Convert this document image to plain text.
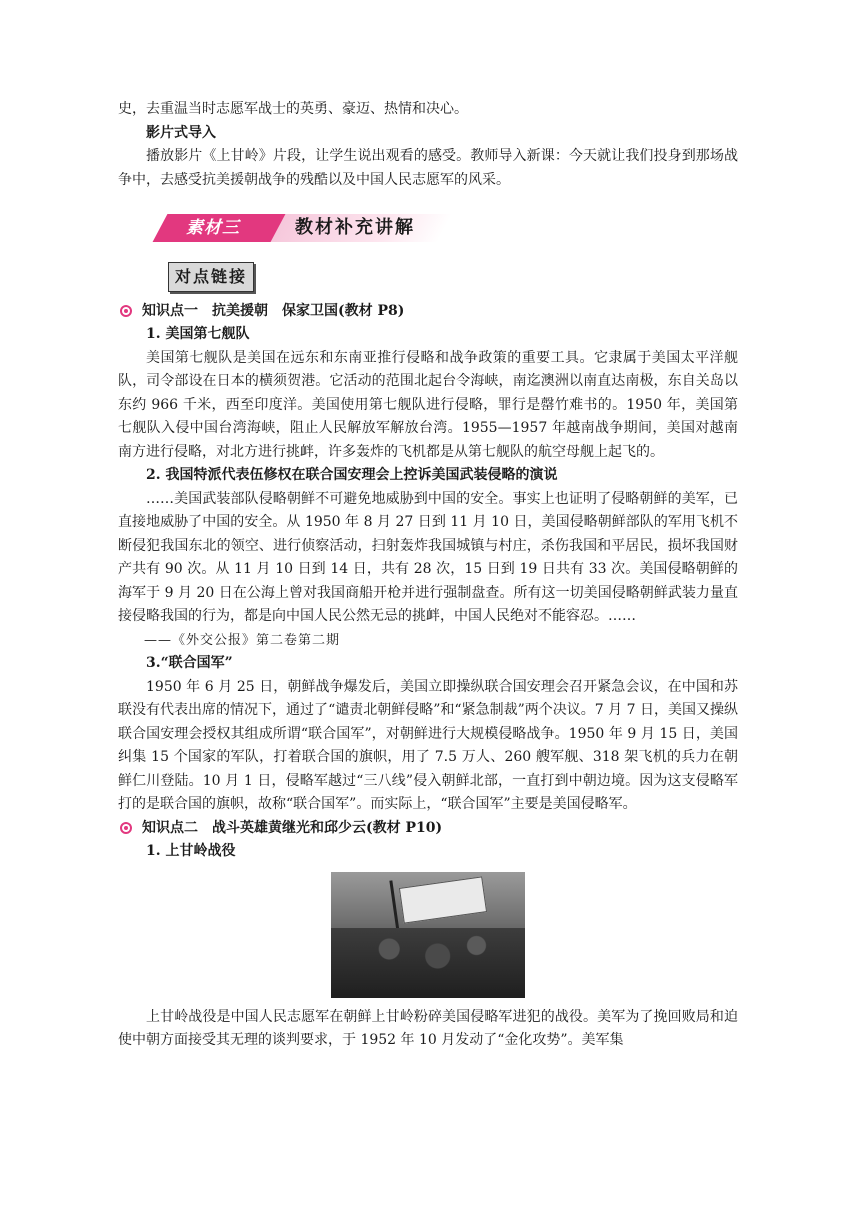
史，去重温当时志愿军战士的英勇、豪迈、热情和决心。

影片式导入

播放影片《上甘岭》片段，让学生说出观看的感受。教师导入新课：今天就让我们投身到那场战争中，去感受抗美援朝战争的残酷以及中国人民志愿军的风采。

素材三	教材补充讲解
对点链接

知识点一　抗美援朝　保家卫国(教材 P8)

1. 美国第七舰队

美国第七舰队是美国在远东和东南亚推行侵略和战争政策的重要工具。它隶属于美国太平洋舰队，司令部设在日本的横须贺港。它活动的范围北起台令海峡，南迄澳洲以南直达南极，东自关岛以东约 966 千米，西至印度洋。美国使用第七舰队进行侵略，罪行是罄竹难书的。1950 年，美国第七舰队入侵中国台湾海峡，阻止人民解放军解放台湾。1955—1957 年越南战争期间，美国对越南南方进行侵略，对北方进行挑衅，许多轰炸的飞机都是从第七舰队的航空母舰上起飞的。

2. 我国特派代表伍修权在联合国安理会上控诉美国武装侵略的演说

……美国武装部队侵略朝鲜不可避免地威胁到中国的安全。事实上也证明了侵略朝鲜的美军，已直接地威胁了中国的安全。从 1950 年 8 月 27 日到 11 月 10 日，美国侵略朝鲜部队的军用飞机不断侵犯我国东北的领空、进行侦察活动，扫射轰炸我国城镇与村庄，杀伤我国和平居民，损坏我国财产共有 90 次。从 11 月 10 日到 14 日，共有 28 次，15 日到 19 日共有 33 次。美国侵略朝鲜的海军于 9 月 20 日在公海上曾对我国商船开枪并进行强制盘查。所有这一切美国侵略朝鲜武装力量直接侵略我国的行为，都是向中国人民公然无忌的挑衅，中国人民绝对不能容忍。……

——《外交公报》第二卷第二期

3.“联合国军”

1950 年 6 月 25 日，朝鲜战争爆发后，美国立即操纵联合国安理会召开紧急会议，在中国和苏联没有代表出席的情况下，通过了“谴责北朝鲜侵略”和“紧急制裁”两个决议。7 月 7 日，美国又操纵联合国安理会授权其组成所谓“联合国军”，对朝鲜进行大规模侵略战争。1950 年 9 月 15 日，美国纠集 15 个国家的军队，打着联合国的旗帜，用了 7.5 万人、260 艘军舰、318 架飞机的兵力在朝鲜仁川登陆。10 月 1 日，侵略军越过“三八线”侵入朝鲜北部，一直打到中朝边境。因为这支侵略军打的是联合国的旗帜，故称“联合国军”。而实际上，“联合国军”主要是美国侵略军。

知识点二　战斗英雄黄继光和邱少云(教材 P10)

1. 上甘岭战役

上甘岭战役是中国人民志愿军在朝鲜上甘岭粉碎美国侵略军进犯的战役。美军为了挽回败局和迫使中朝方面接受其无理的谈判要求，于 1952 年 10 月发动了“金化攻势”。美军集
